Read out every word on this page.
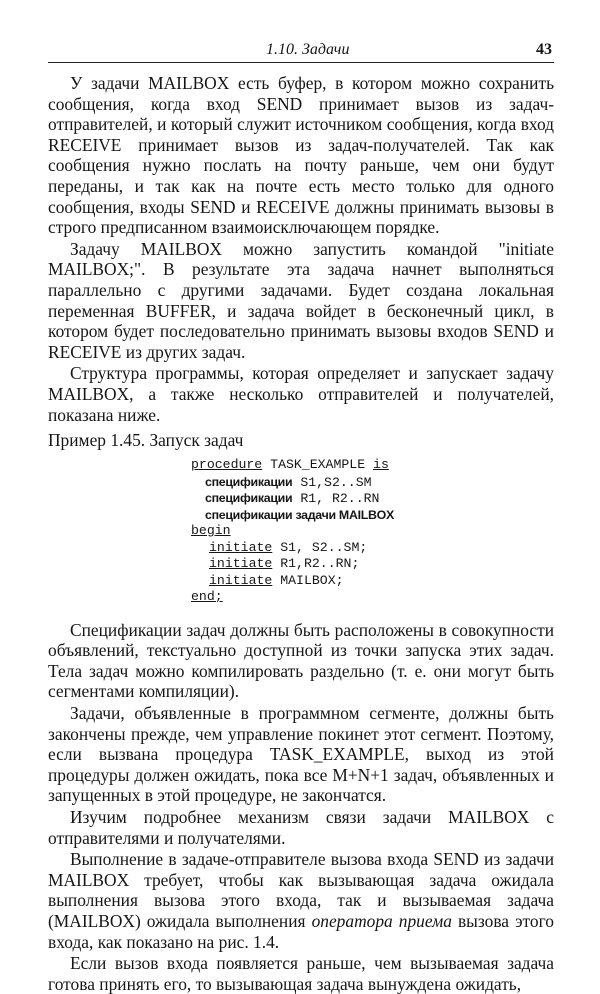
1.10. Задачи	43

У задачи MAILBOX есть буфер, в котором можно сохранить сообщения, когда вход SEND принимает вызов из задач-отправителей, и который служит источником сообщения, когда вход RECEIVE принимает вызов из задач-получателей. Так как сообщения нужно послать на почту раньше, чем они будут переданы, и так как на почте есть место только для одного сообщения, входы SEND и RECEIVE должны принимать вызовы в строго предписанном взаимоисключающем порядке.

Задачу MAILBOX можно запустить командой "initiate MAILBOX;". В результате эта задача начнет выполняться параллельно с другими задачами. Будет создана локальная переменная BUFFER, и задача войдет в бесконечный цикл, в котором будет последовательно принимать вызовы входов SEND и RECEIVE из других задач.

Структура программы, которая определяет и запускает задачу MAILBOX, а также несколько отправителей и получателей, показана ниже.

Пример 1.45. Запуск задач

procedure TASK_EXAMPLE is
спецификации S1,S2..SM
спецификации R1, R2..RN
спецификации задачи MAILBOX
begin
initiate S1, S2..SM;
initiate R1,R2..RN;
initiate MAILBOX;
end;

Спецификации задач должны быть расположены в совокупности объявлений, текстуально доступной из точки запуска этих задач. Тела задач можно компилировать раздельно (т. е. они могут быть сегментами компиляции).

Задачи, объявленные в программном сегменте, должны быть закончены прежде, чем управление покинет этот сегмент. Поэтому, если вызвана процедура TASK_EXAMPLE, выход из этой процедуры должен ожидать, пока все M+N+1 задач, объявленных и запущенных в этой процедуре, не закончатся.

Изучим подробнее механизм связи задачи MAILBOX с отправителями и получателями.

Выполнение в задаче-отправителе вызова входа SEND из задачи MAILBOX требует, чтобы как вызывающая задача ожидала выполнения вызова этого входа, так и вызываемая задача (MAILBOX) ожидала выполнения оператора приема вызова этого входа, как показано на рис. 1.4.

Если вызов входа появляется раньше, чем вызываемая задача готова принять его, то вызывающая задача вынуждена ожидать,
